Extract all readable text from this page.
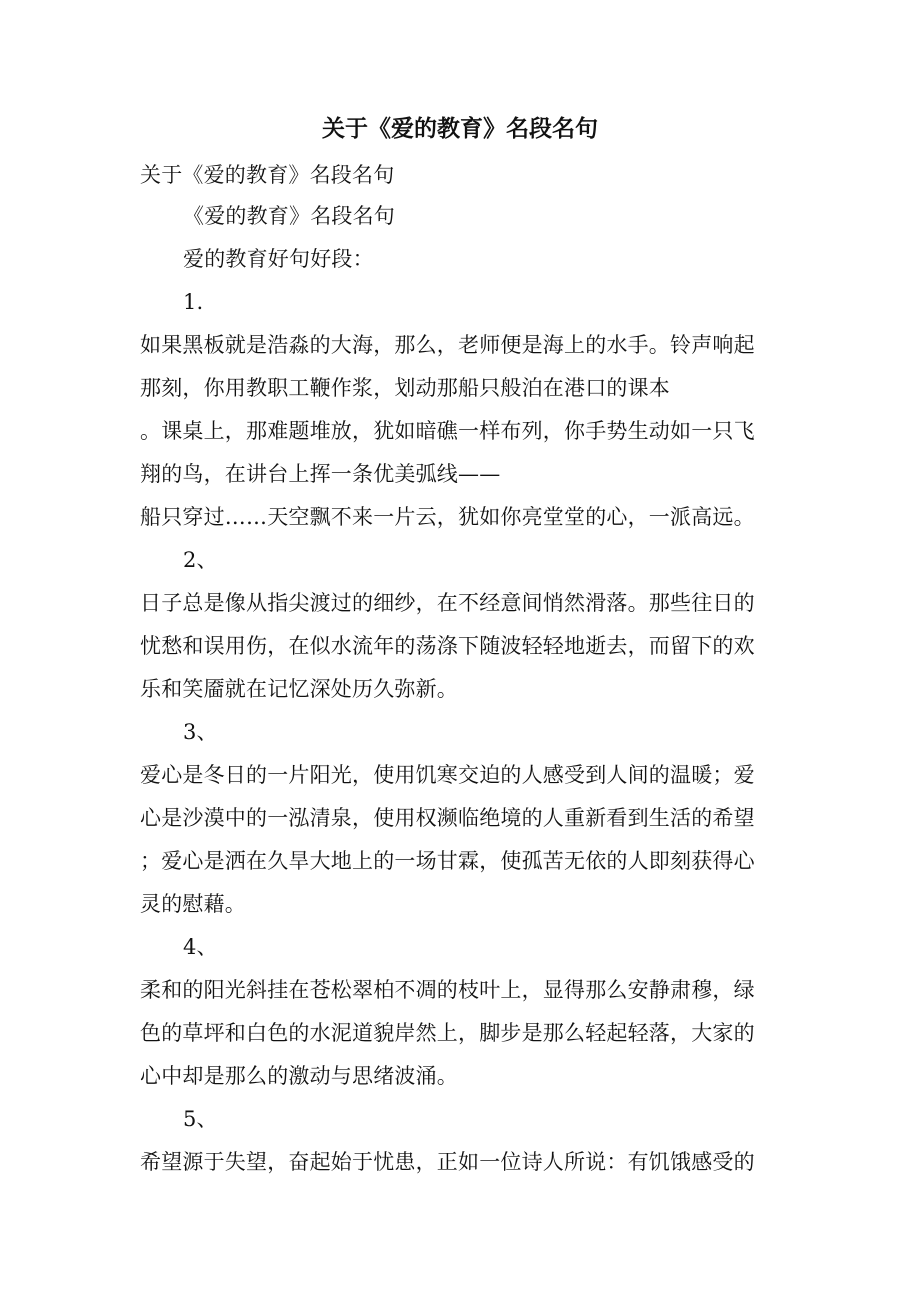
关于《爱的教育》名段名句
关于《爱的教育》名段名句
《爱的教育》名段名句
爱的教育好句好段：
1.
如果黑板就是浩淼的大海，那么，老师便是海上的水手。铃声响起
那刻，你用教职工鞭作浆，划动那船只般泊在港口的课本
。课桌上，那难题堆放，犹如暗礁一样布列，你手势生动如一只飞
翔的鸟，在讲台上挥一条优美弧线——
船只穿过……天空飘不来一片云，犹如你亮堂堂的心，一派高远。
2、
日子总是像从指尖渡过的细纱，在不经意间悄然滑落。那些往日的
忧愁和误用伤，在似水流年的荡涤下随波轻轻地逝去，而留下的欢
乐和笑靥就在记忆深处历久弥新。
3、
爱心是冬日的一片阳光，使用饥寒交迫的人感受到人间的温暖；爱
心是沙漠中的一泓清泉，使用权濒临绝境的人重新看到生活的希望
；爱心是洒在久旱大地上的一场甘霖，使孤苦无依的人即刻获得心
灵的慰藉。
4、
柔和的阳光斜挂在苍松翠柏不凋的枝叶上，显得那么安静肃穆，绿
色的草坪和白色的水泥道貌岸然上，脚步是那么轻起轻落，大家的
心中却是那么的激动与思绪波涌。
5、
希望源于失望，奋起始于忧患，正如一位诗人所说：有饥饿感受的
